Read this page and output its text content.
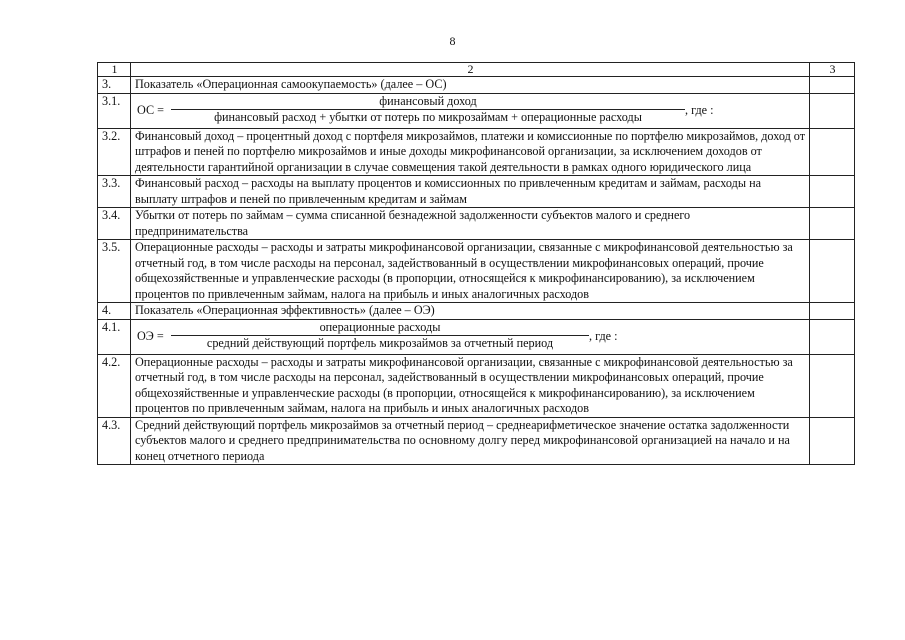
8
1	2	3
3.	Показатель «Операционная самоокупаемость» (далее – ОС)	
3.1.	ОС =
финансовый доход
финансовый расход + убытки от потерь по микрозаймам + операционные расходы , где :	

3.2.	Финансовый доход – процентный доход с портфеля микрозаймов, платежи и комиссионные по портфелю микрозаймов, доход от штрафов и пеней по портфелю микрозаймов и иные доходы микрофинансовой организации, за исключением доходов от деятельности гарантийной организации в случае совмещения такой деятельности в рамках одного юридического лица	
3.3.	Финансовый расход – расходы на выплату процентов и комиссионных по привлеченным кредитам и займам, расходы на выплату штрафов и пеней по привлеченным кредитам и займам	
3.4.	Убытки от потерь по займам – сумма списанной безнадежной задолженности субъектов малого и среднего предпринимательства	
3.5.	Операционные расходы – расходы и затраты микрофинансовой организации, связанные с микрофинансовой деятельностью за отчетный год, в том числе расходы на персонал, задействованный в осуществлении микрофинансовых операций, прочие общехозяйственные и управленческие расходы (в пропорции, относящейся к микрофинансированию), за исключением процентов по привлеченным займам, налога на прибыль и иных аналогичных расходов	
4.	Показатель «Операционная эффективность» (далее – ОЭ)	
4.1.	ОЭ =
операционные расходы
средний действующий портфель микрозаймов за отчетный период , где :	

4.2.	Операционные расходы – расходы и затраты микрофинансовой организации, связанные с микрофинансовой деятельностью за отчетный год, в том числе расходы на персонал, задействованный в осуществлении микрофинансовых операций, прочие общехозяйственные и управленческие расходы (в пропорции, относящейся к микрофинансированию), за исключением процентов по привлеченным займам, налога на прибыль и иных аналогичных расходов	
4.3.	Средний действующий портфель микрозаймов за отчетный период – среднеарифметическое значение остатка задолженности субъектов малого и среднего предпринимательства по основному долгу перед микрофинансовой организацией на начало и на конец отчетного периода	
